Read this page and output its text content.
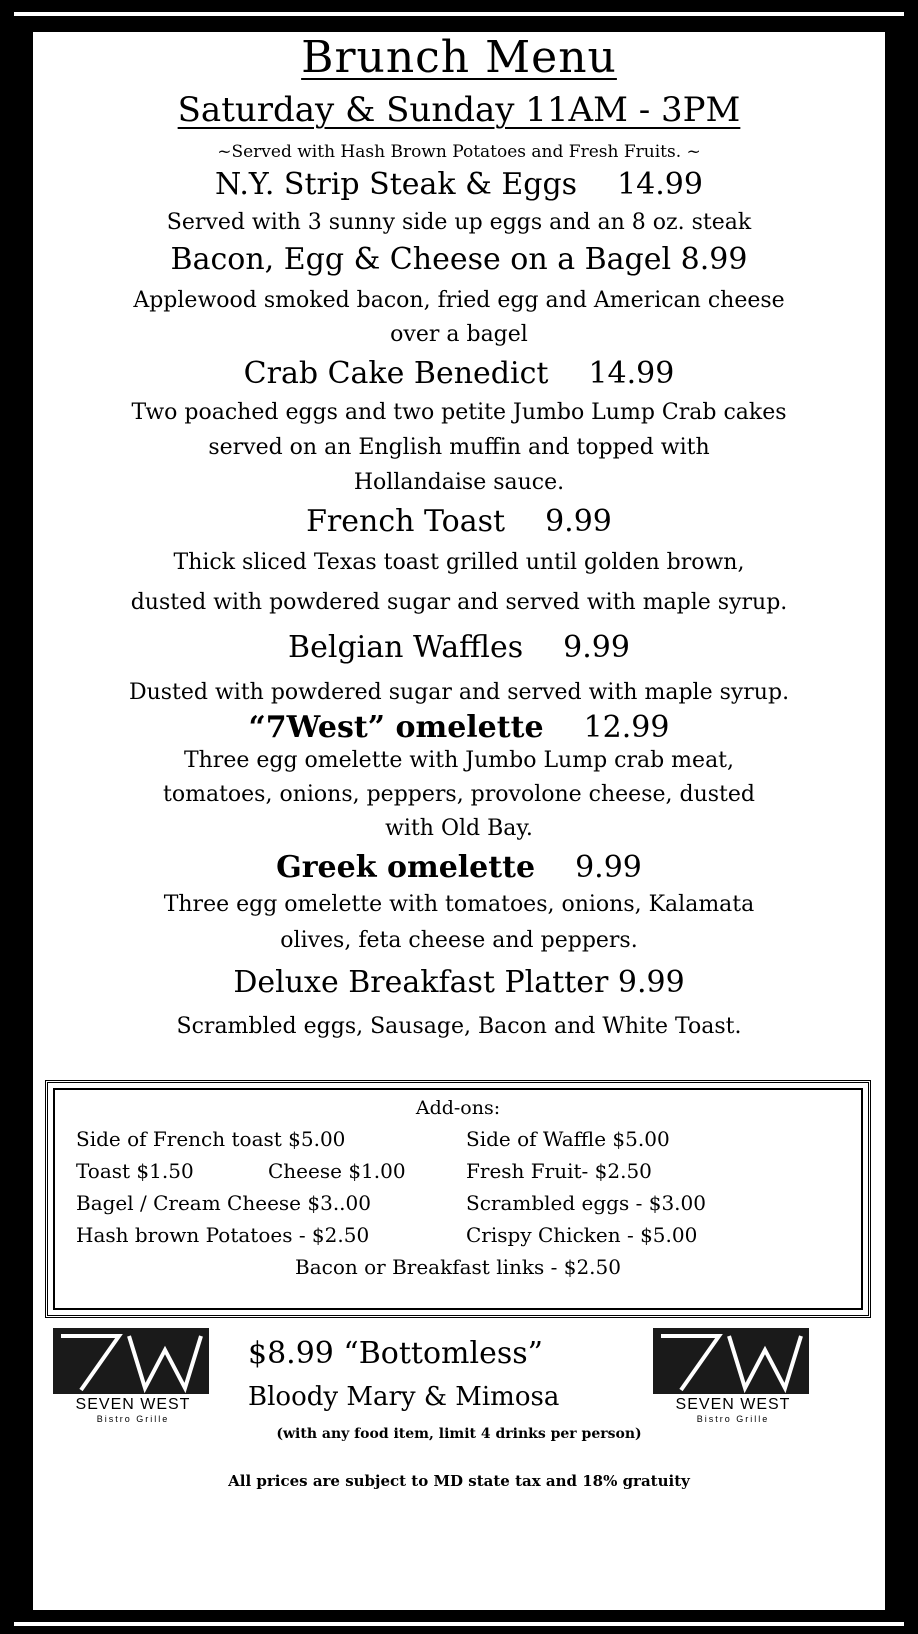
Brunch Menu
Saturday & Sunday 11AM - 3PM
~Served with Hash Brown Potatoes and Fresh Fruits. ~
N.Y. Strip Steak & Eggs 14.99
Served with 3 sunny side up eggs and an 8 oz. steak
Bacon, Egg & Cheese on a Bagel 8.99
Applewood smoked bacon, fried egg and American cheese
over a bagel
Crab Cake Benedict 14.99
Two poached eggs and two petite Jumbo Lump Crab cakes
served on an English muffin and topped with
Hollandaise sauce.
French Toast 9.99
Thick sliced Texas toast grilled until golden brown,
dusted with powdered sugar and served with maple syrup.
Belgian Waffles 9.99
Dusted with powdered sugar and served with maple syrup.
“7West” omelette 12.99
Three egg omelette with Jumbo Lump crab meat,
tomatoes, onions, peppers, provolone cheese, dusted
with Old Bay.
Greek omelette 9.99
Three egg omelette with tomatoes, onions, Kalamata
olives, feta cheese and peppers.
Deluxe Breakfast Platter 9.99
Scrambled eggs, Sausage, Bacon and White Toast.
Add-ons:
Side of French toast $5.00	Side of Waffle $5.00
Toast $1.50	Cheese $1.00	Fresh Fruit- $2.50
Bagel / Cream Cheese $3..00	Scrambled eggs - $3.00
Hash brown Potatoes - $2.50	Crispy Chicken - $5.00
Bacon or Breakfast links - $2.50
SEVEN WEST
Bistro Grille
SEVEN WEST
Bistro Grille
$8.99 “Bottomless”
Bloody Mary & Mimosa
(with any food item, limit 4 drinks per person)
All prices are subject to MD state tax and 18% gratuity
